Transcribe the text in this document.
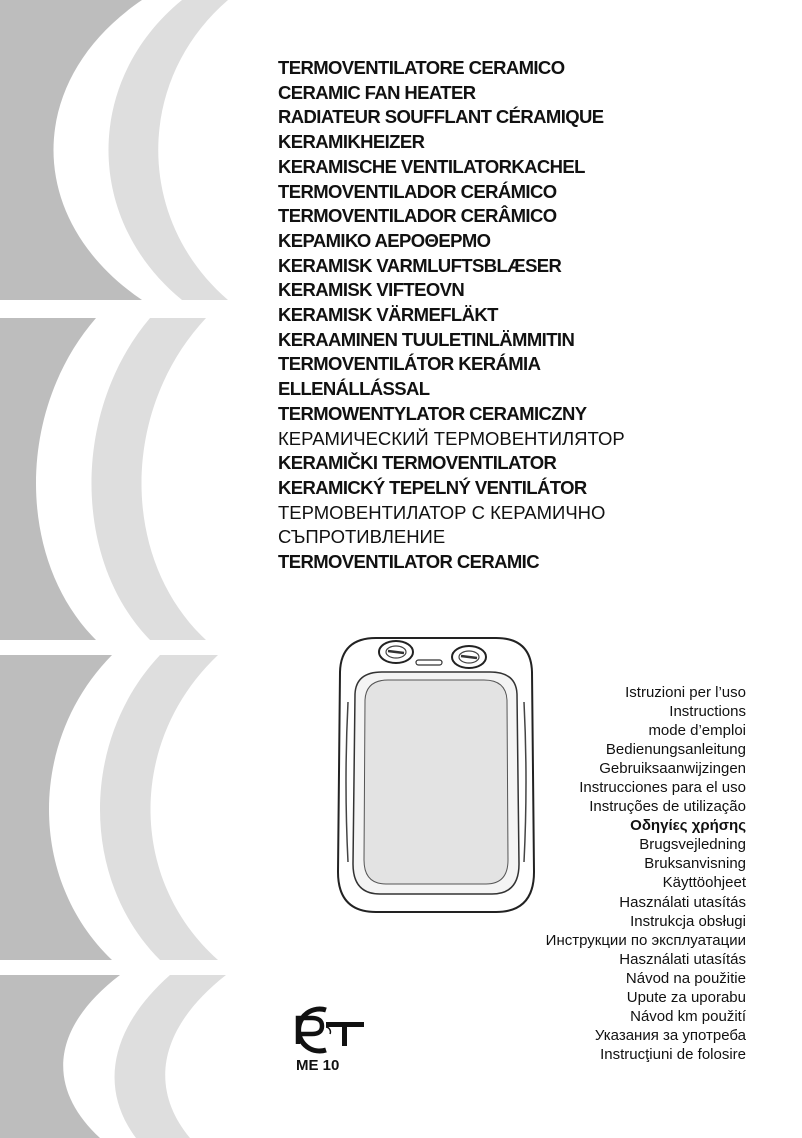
TERMOVENTILATORE CERAMICO
CERAMIC FAN HEATER
RADIATEUR SOUFFLANT CÉRAMIQUE
KERAMIKHEIZER
KERAMISCHE VENTILATORKACHEL
TERMOVENTILADOR CERÁMICO
TERMOVENTILADOR CERÂMICO
ΚΕΡΑΜΙΚΟ ΑΕΡΟΘΕΡΜΟ
KERAMISK VARMLUFTSBLÆSER
KERAMISK VIFTEOVN
KERAMISK VÄRMEFLÄKT
KERAAMINEN TUULETINLÄMMITIN
TERMOVENTILÁTOR KERÁMIA
ELLENÁLLÁSSAL
TERMOWENTYLATOR CERAMICZNY
КЕРАМИЧЕСКИЙ ТЕРМОВЕНТИЛЯТОР
KERAMIČKI TERMOVENTILATOR
KERAMICKÝ TEPELNÝ VENTILÁTOR
ТЕРМОВЕНТИЛАТОР С КЕРАМИЧНО
СЪПРОТИВЛЕНИЕ
TERMOVENTILATOR CERAMIC
Istruzioni per l’uso
Instructions
mode d’emploi
Bedienungsanleitung
Gebruiksaanwijzingen
Instrucciones para el uso
Instruções de utilização
Οδηγίες χρήσης
Brugsvejledning
Bruksanvisning
Käyttöohjeet
Használati utasítás
Instrukcja obsługi
Инструкции по эксплуатации
Használati utasítás
Návod na použitie
Upute za uporabu
Návod km použití
Указания за употреба
Instrucţiuni de folosire
ME 10
